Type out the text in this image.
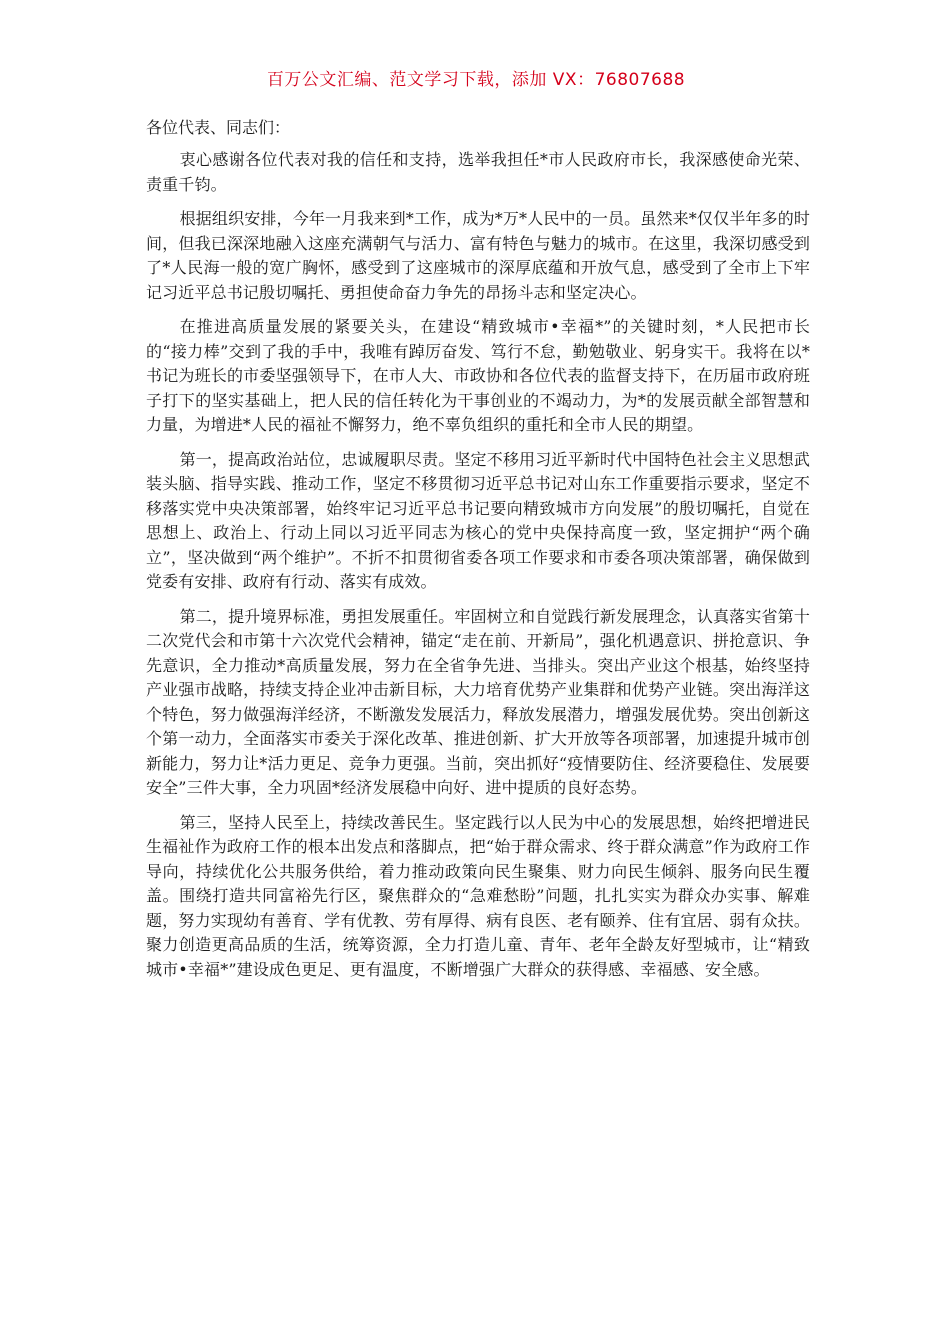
百万公文汇编、范文学习下载，添加 VX：76807688
各位代表、同志们：

衷心感谢各位代表对我的信任和支持，选举我担任*市人民政府市长，我深感使命光荣、责重千钧。

根据组织安排，今年一月我来到*工作，成为*万*人民中的一员。虽然来*仅仅半年多的时间，但我已深深地融入这座充满朝气与活力、富有特色与魅力的城市。在这里，我深切感受到了*人民海一般的宽广胸怀，感受到了这座城市的深厚底蕴和开放气息，感受到了全市上下牢记习近平总书记殷切嘱托、勇担使命奋力争先的昂扬斗志和坚定决心。

在推进高质量发展的紧要关头，在建设“精致城市•幸福*”的关键时刻，*人民把市长的“接力棒”交到了我的手中，我唯有踔厉奋发、笃行不怠，勤勉敬业、躬身实干。我将在以*书记为班长的市委坚强领导下，在市人大、市政协和各位代表的监督支持下，在历届市政府班子打下的坚实基础上，把人民的信任转化为干事创业的不竭动力，为*的发展贡献全部智慧和力量，为增进*人民的福祉不懈努力，绝不辜负组织的重托和全市人民的期望。

第一，提高政治站位，忠诚履职尽责。坚定不移用习近平新时代中国特色社会主义思想武装头脑、指导实践、推动工作，坚定不移贯彻习近平总书记对山东工作重要指示要求，坚定不移落实党中央决策部署，始终牢记习近平总书记要向精致城市方向发展”的殷切嘱托，自觉在思想上、政治上、行动上同以习近平同志为核心的党中央保持高度一致，坚定拥护“两个确立”，坚决做到“两个维护”。不折不扣贯彻省委各项工作要求和市委各项决策部署，确保做到党委有安排、政府有行动、落实有成效。

第二，提升境界标准，勇担发展重任。牢固树立和自觉践行新发展理念，认真落实省第十二次党代会和市第十六次党代会精神，锚定“走在前、开新局”，强化机遇意识、拼抢意识、争先意识，全力推动*高质量发展，努力在全省争先进、当排头。突出产业这个根基，始终坚持产业强市战略，持续支持企业冲击新目标，大力培育优势产业集群和优势产业链。突出海洋这个特色，努力做强海洋经济，不断激发发展活力，释放发展潜力，增强发展优势。突出创新这个第一动力，全面落实市委关于深化改革、推进创新、扩大开放等各项部署，加速提升城市创新能力，努力让*活力更足、竞争力更强。当前，突出抓好“疫情要防住、经济要稳住、发展要安全”三件大事，全力巩固*经济发展稳中向好、进中提质的良好态势。

第三，坚持人民至上，持续改善民生。坚定践行以人民为中心的发展思想，始终把增进民生福祉作为政府工作的根本出发点和落脚点，把“始于群众需求、终于群众满意”作为政府工作导向，持续优化公共服务供给，着力推动政策向民生聚集、财力向民生倾斜、服务向民生覆盖。围绕打造共同富裕先行区，聚焦群众的“急难愁盼”问题，扎扎实实为群众办实事、解难题，努力实现幼有善育、学有优教、劳有厚得、病有良医、老有颐养、住有宜居、弱有众扶。聚力创造更高品质的生活，统筹资源，全力打造儿童、青年、老年全龄友好型城市，让“精致城市•幸福*”建设成色更足、更有温度，不断增强广大群众的获得感、幸福感、安全感。
